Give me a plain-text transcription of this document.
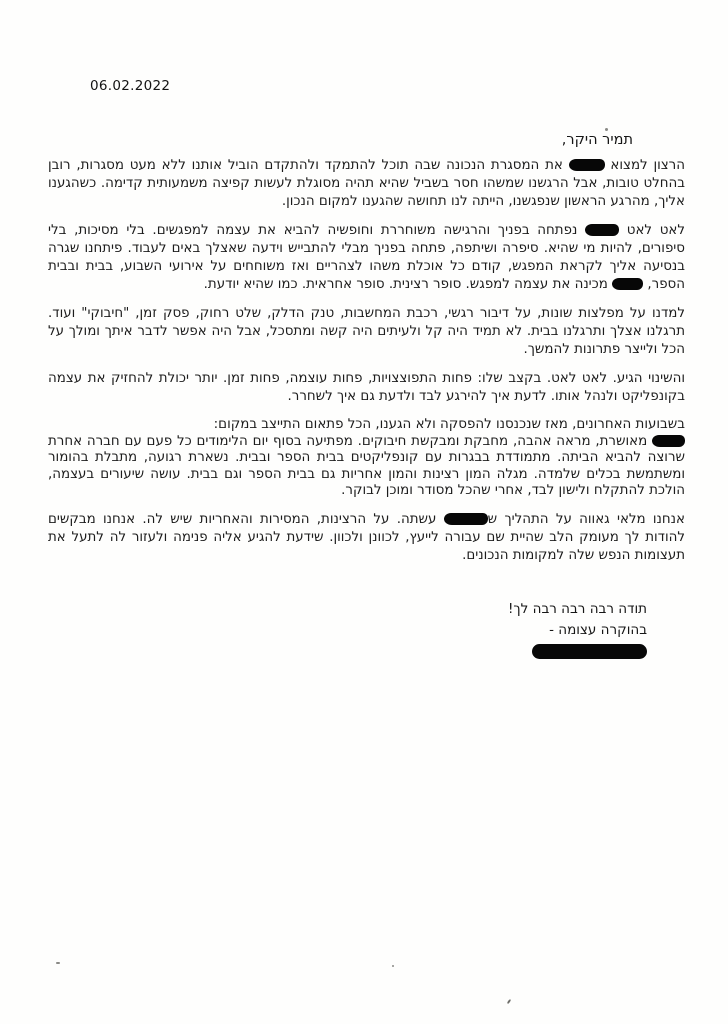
06.02.2022
תמיר היקר,

הרצון למצוא  את המסגרת הנכונה שבה תוכל להתמקד ולהתקדם הוביל אותנו ללא מעט מסגרות, רובן בהחלט טובות, אבל הרגשנו שמשהו חסר בשביל שהיא תהיה מסוגלת לעשות קפיצה משמעותית קדימה. כשהגענו אליך, מהרגע הראשון שנפגשנו, הייתה לנו תחושה שהגענו למקום הנכון.

לאט לאט  נפתחה בפניך והרגישה משוחררת וחופשיה להביא את עצמה למפגשים. בלי מסיכות, בלי סיפורים, להיות מי שהיא. סיפרה ושיתפה, פתחה בפניך מבלי להתבייש וידעה שאצלך באים לעבוד. פיתחנו שגרה בנסיעה אליך לקראת המפגש, קודם כל אוכלת משהו לצהריים ואז משוחחים על אירועי השבוע, בבית ובבית הספר,  מכינה את עצמה למפגש. סופר רצינית. סופר אחראית. כמו שהיא יודעת.

למדנו על מפלצות שונות, על דיבור רגשי, רכבת המחשבות, טנק הדלק, שלט רחוק, פסק זמן, "חיבוקי" ועוד. תרגלנו אצלך ותרגלנו בבית. לא תמיד היה קל ולעיתים היה קשה ומתסכל, אבל היה אפשר לדבר איתך ומולך על הכל ולייצר פתרונות להמשך.

והשינוי הגיע. לאט לאט. בקצב שלו: פחות התפוצצויות, פחות עוצמה, פחות זמן. יותר יכולת להחזיק את עצמה בקונפליקט ולנהל אותו. לדעת איך להירגע לבד ולדעת גם איך לשחרר.

בשבועות האחרונים, מאז שנכנסנו להפסקה ולא הגענו, הכל פתאום התייצב במקום:
מאושרת, מראה אהבה, מחבקת ומבקשת חיבוקים. מפתיעה בסוף יום הלימודים כל פעם עם חברה אחרת שרוצה להביא הביתה. מתמודדת בבגרות עם קונפליקטים בבית הספר ובבית. נשארת רגועה, מתבלת בהומור ומשתמשת בכלים שלמדה. מגלה המון רצינות והמון אחריות גם בבית הספר וגם בבית. עושה שיעורים בעצמה, הולכת להתקלח ולישון לבד, אחרי שהכל מסודר ומוכן לבוקר.

אנחנו מלאי גאווה על התהליך ש עשתה. על הרצינות, המסירות והאחריות שיש לה. אנחנו מבקשים להודות לך מעומק הלב שהיית שם עבורה לייעץ, לכוונן ולכוון. שידעת להגיע אליה פנימה ולעזור לה לתעל את תעצומות הנפש שלה למקומות הנכונים.

תודה רבה רבה רבה לך!
בהוקרה עצומה -
